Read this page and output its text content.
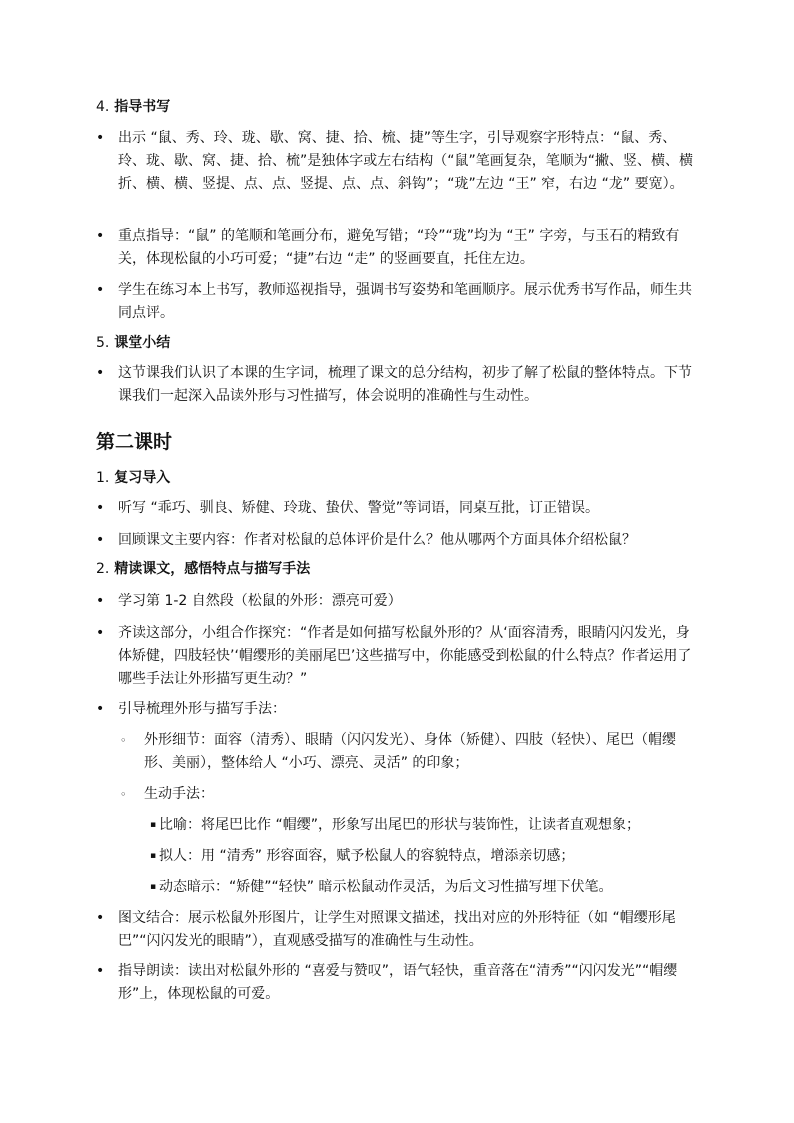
4. 指导书写

• 出示 “鼠、秀、玲、珑、歇、窝、捷、拾、梳、捷”等生字，引导观察字形特点：“鼠、秀、玲、珑、歇、窝、捷、拾、梳”是独体字或左右结构（“鼠”笔画复杂，笔顺为“撇、竖、横、横折、横、横、竖提、点、点、竖提、点、点、斜钩”；“珑”左边 “王” 窄，右边 “龙” 要宽）。
• 重点指导：“鼠” 的笔顺和笔画分布，避免写错；“玲”“珑”均为 “王” 字旁，与玉石的精致有关，体现松鼠的小巧可爱；“捷”右边 “走” 的竖画要直，托住左边。
• 学生在练习本上书写，教师巡视指导，强调书写姿势和笔画顺序。展示优秀书写作品，师生共同点评。

5. 课堂小结

• 这节课我们认识了本课的生字词，梳理了课文的总分结构，初步了解了松鼠的整体特点。下节课我们一起深入品读外形与习性描写，体会说明的准确性与生动性。
第二课时

1. 复习导入

• 听写 “乖巧、驯良、矫健、玲珑、蛰伏、警觉”等词语，同桌互批，订正错误。
• 回顾课文主要内容：作者对松鼠的总体评价是什么？他从哪两个方面具体介绍松鼠？

2. 精读课文，感悟特点与描写手法

• 学习第 1-2 自然段（松鼠的外形：漂亮可爱）
• 齐读这部分，小组合作探究：“作者是如何描写松鼠外形的？从‘面容清秀，眼睛闪闪发光，身体矫健，四肢轻快’‘帽缨形的美丽尾巴’这些描写中，你能感受到松鼠的什么特点？作者运用了哪些手法让外形描写更生动？”
• 引导梳理外形与描写手法：
◦ 外形细节：面容（清秀）、眼睛（闪闪发光）、身体（矫健）、四肢（轻快）、尾巴（帽缨形、美丽），整体给人 “小巧、漂亮、灵活” 的印象；
◦ 生动手法：
▪ 比喻：将尾巴比作 “帽缨”，形象写出尾巴的形状与装饰性，让读者直观想象；
▪ 拟人：用 “清秀” 形容面容，赋予松鼠人的容貌特点，增添亲切感；
▪ 动态暗示：“矫健”“轻快” 暗示松鼠动作灵活，为后文习性描写埋下伏笔。
• 图文结合：展示松鼠外形图片，让学生对照课文描述，找出对应的外形特征（如 “帽缨形尾巴”“闪闪发光的眼睛”），直观感受描写的准确性与生动性。
• 指导朗读：读出对松鼠外形的 “喜爱与赞叹”，语气轻快，重音落在“清秀”“闪闪发光”“帽缨形”上，体现松鼠的可爱。
